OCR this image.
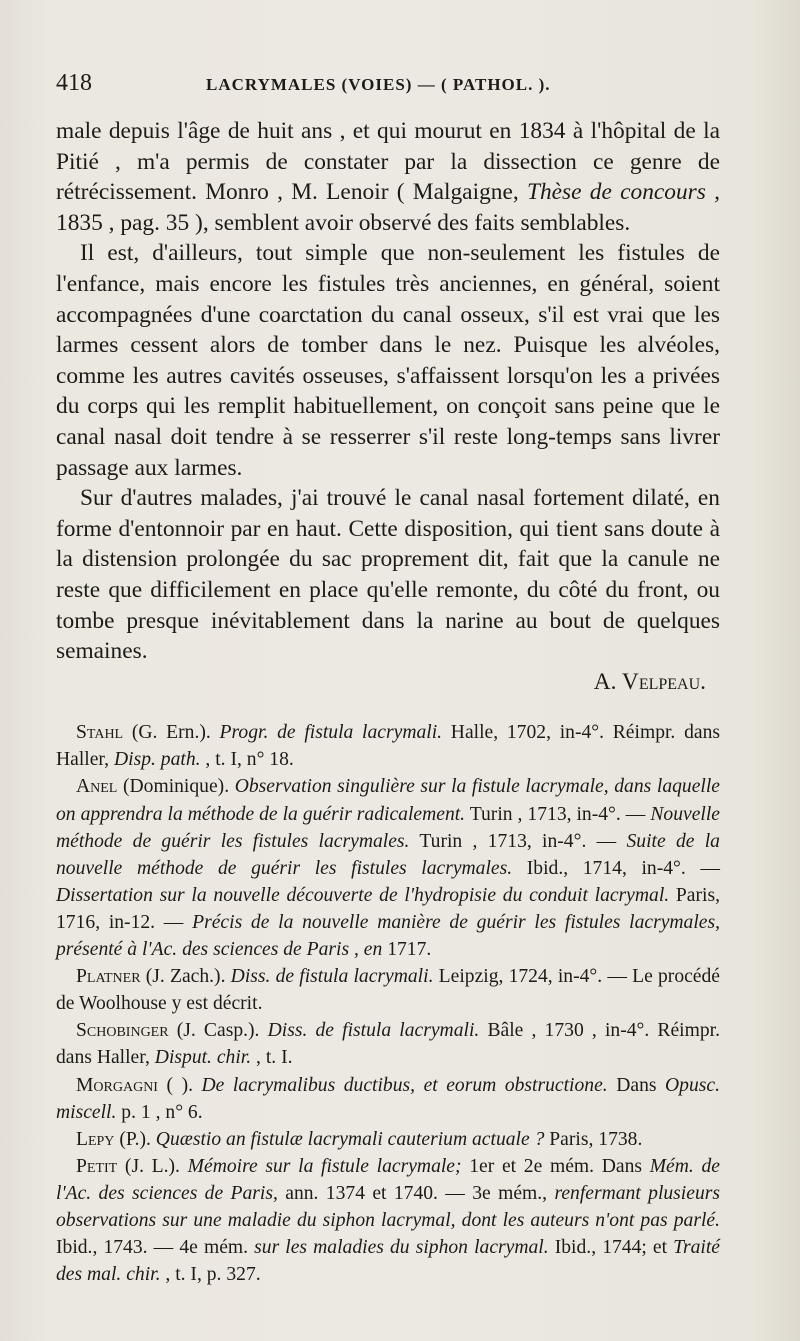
418	LACRYMALES (VOIES) — ( PATHOL. ).

male depuis l'âge de huit ans , et qui mourut en 1834 à l'hôpital de la Pitié , m'a permis de constater par la dissection ce genre de rétrécissement. Monro , M. Lenoir ( Malgaigne, Thèse de concours , 1835 , pag. 35 ), semblent avoir observé des faits semblables.

Il est, d'ailleurs, tout simple que non-seulement les fistules de l'enfance, mais encore les fistules très anciennes, en général, soient accompagnées d'une coarctation du canal osseux, s'il est vrai que les larmes cessent alors de tomber dans le nez. Puisque les alvéoles, comme les autres cavités osseuses, s'affaissent lorsqu'on les a privées du corps qui les remplit habituellement, on conçoit sans peine que le canal nasal doit tendre à se resserrer s'il reste long-temps sans livrer passage aux larmes.

Sur d'autres malades, j'ai trouvé le canal nasal fortement dilaté, en forme d'entonnoir par en haut. Cette disposition, qui tient sans doute à la distension prolongée du sac proprement dit, fait que la canule ne reste que difficilement en place qu'elle remonte, du côté du front, ou tombe presque inévitablement dans la narine au bout de quelques semaines.

A. Velpeau.

Stahl (G. Ern.). Progr. de fistula lacrymali. Halle, 1702, in-4°. Réimpr. dans Haller, Disp. path. , t. I, n° 18.

Anel (Dominique). Observation singulière sur la fistule lacrymale, dans laquelle on apprendra la méthode de la guérir radicalement. Turin , 1713, in-4°. — Nouvelle méthode de guérir les fistules lacrymales. Turin , 1713, in-4°. — Suite de la nouvelle méthode de guérir les fistules lacrymales. Ibid., 1714, in-4°. — Dissertation sur la nouvelle découverte de l'hydropisie du conduit lacrymal. Paris, 1716, in-12. — Précis de la nouvelle manière de guérir les fistules lacrymales, présenté à l'Ac. des sciences de Paris , en 1717.

Platner (J. Zach.). Diss. de fistula lacrymali. Leipzig, 1724, in-4°. — Le procédé de Woolhouse y est décrit.

Schobinger (J. Casp.). Diss. de fistula lacrymali. Bâle , 1730 , in-4°. Réimpr. dans Haller, Disput. chir. , t. I.

Morgagni ( ). De lacrymalibus ductibus, et eorum obstructione. Dans Opusc. miscell. p. 1 , n° 6.

Lepy (P.). Quæstio an fistulæ lacrymali cauterium actuale ? Paris, 1738.

Petit (J. L.). Mémoire sur la fistule lacrymale; 1er et 2e mém. Dans Mém. de l'Ac. des sciences de Paris, ann. 1374 et 1740. — 3e mém., renfermant plusieurs observations sur une maladie du siphon lacrymal, dont les auteurs n'ont pas parlé. Ibid., 1743. — 4e mém. sur les maladies du siphon lacrymal. Ibid., 1744; et Traité des mal. chir. , t. I, p. 327.
